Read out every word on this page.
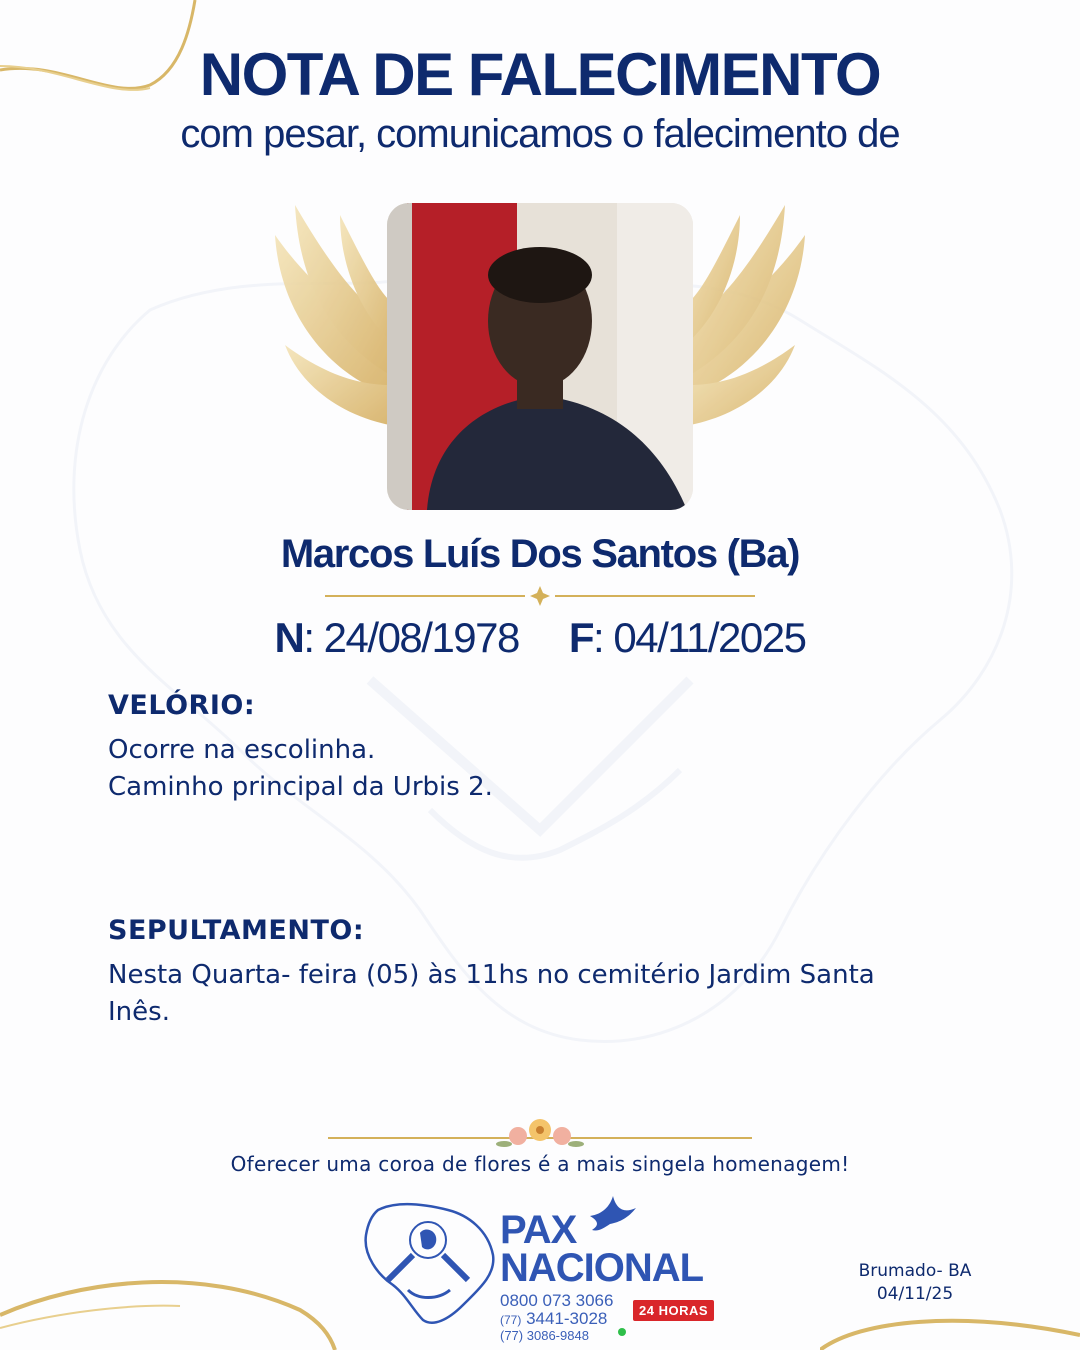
NOTA DE FALECIMENTO
com pesar, comunicamos o falecimento de
Marcos Luís Dos Santos (Ba)
N: 24/08/1978 F: 04/11/2025
VELÓRIO:
Ocorre na escolinha.
Caminho principal da Urbis 2.
SEPULTAMENTO:
Nesta Quarta- feira (05) às 11hs no cemitério Jardim Santa Inês.
Oferecer uma coroa de flores é a mais singela homenagem!
PAX
NACIONAL
0800 073 3066
24 HORAS
(77) 3441-3028
(77) 3086-9848
Brumado- BA
04/11/25
